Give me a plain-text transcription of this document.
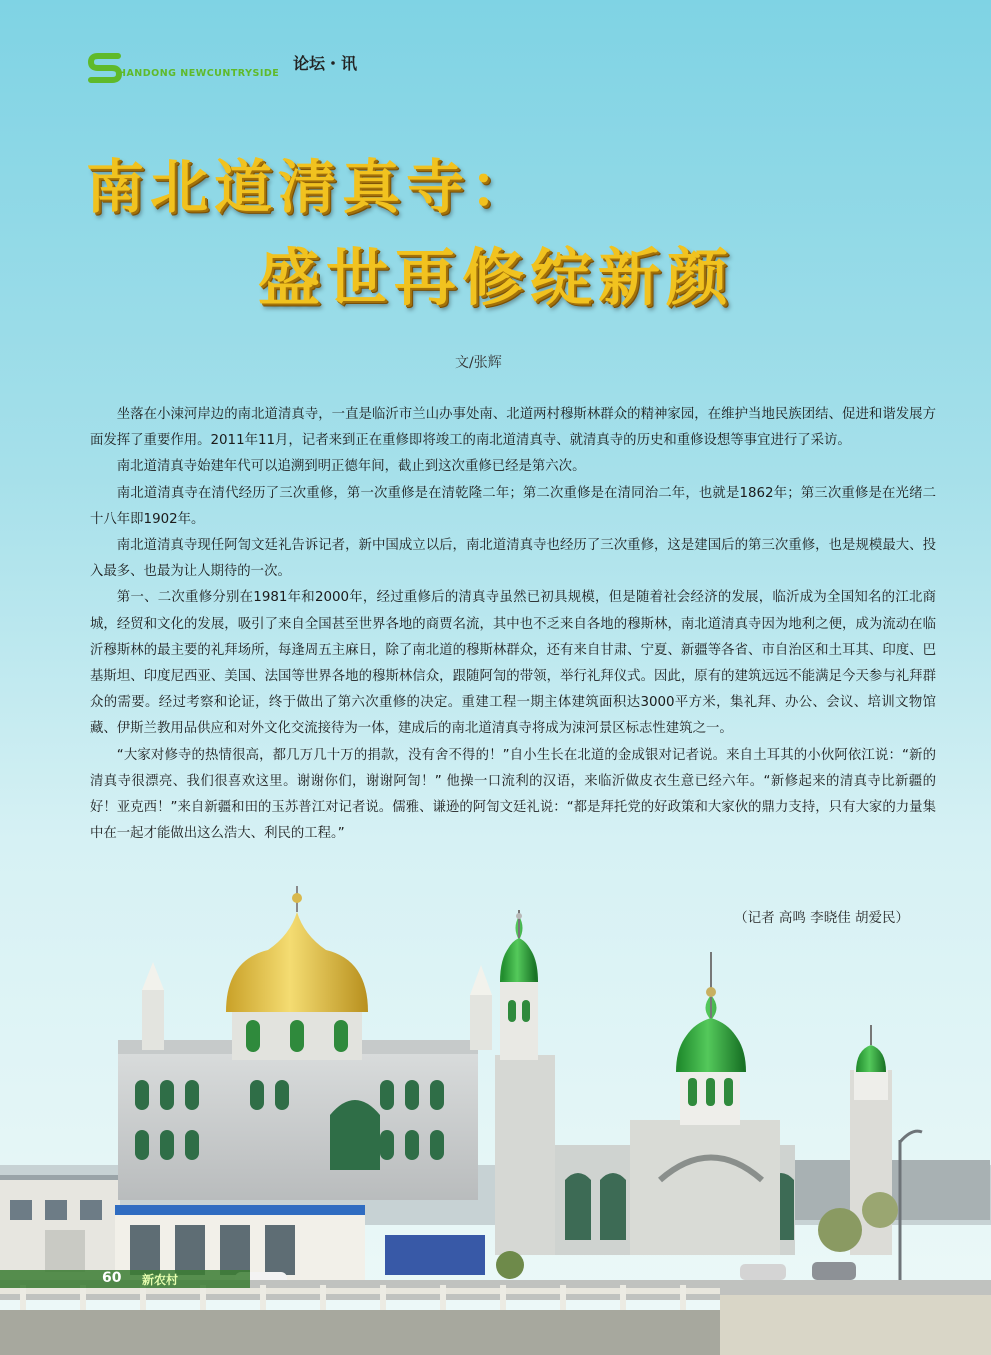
论坛・讯
HANDONG NEWCUNTRYSIDE
南北道清真寺：
盛世再修绽新颜
文/张辉

坐落在小涑河岸边的南北道清真寺，一直是临沂市兰山办事处南、北道两村穆斯林群众的精神家园，在维护当地民族团结、促进和谐发展方面发挥了重要作用。2011年11月，记者来到正在重修即将竣工的南北道清真寺、就清真寺的历史和重修设想等事宜进行了采访。

南北道清真寺始建年代可以追溯到明正德年间，截止到这次重修已经是第六次。

南北道清真寺在清代经历了三次重修，第一次重修是在清乾隆二年；第二次重修是在清同治二年，也就是1862年；第三次重修是在光绪二十八年即1902年。

南北道清真寺现任阿訇文廷礼告诉记者，新中国成立以后，南北道清真寺也经历了三次重修，这是建国后的第三次重修，也是规模最大、投入最多、也最为让人期待的一次。

第一、二次重修分别在1981年和2000年，经过重修后的清真寺虽然已初具规模，但是随着社会经济的发展，临沂成为全国知名的江北商城，经贸和文化的发展，吸引了来自全国甚至世界各地的商贾名流，其中也不乏来自各地的穆斯林，南北道清真寺因为地利之便，成为流动在临沂穆斯林的最主要的礼拜场所，每逢周五主麻日，除了南北道的穆斯林群众，还有来自甘肃、宁夏、新疆等各省、市自治区和土耳其、印度、巴基斯坦、印度尼西亚、美国、法国等世界各地的穆斯林信众，跟随阿訇的带领，举行礼拜仪式。因此，原有的建筑远远不能满足今天参与礼拜群众的需要。经过考察和论证，终于做出了第六次重修的决定。重建工程一期主体建筑面积达3000平方米，集礼拜、办公、会议、培训文物馆藏、伊斯兰教用品供应和对外文化交流接待为一体，建成后的南北道清真寺将成为涑河景区标志性建筑之一。

“大家对修寺的热情很高，都几万几十万的捐款，没有舍不得的！”自小生长在北道的金成银对记者说。来自土耳其的小伙阿依江说：“新的清真寺很漂亮、我们很喜欢这里。谢谢你们，谢谢阿訇！” 他操一口流利的汉语，来临沂做皮衣生意已经六年。“新修起来的清真寺比新疆的好！亚克西！”来自新疆和田的玉苏普江对记者说。儒雅、谦逊的阿訇文廷礼说：“都是拜托党的好政策和大家伙的鼎力支持，只有大家的力量集中在一起才能做出这么浩大、利民的工程。”

（记者 高鸣 李晓佳 胡爱民）
60 新农村
